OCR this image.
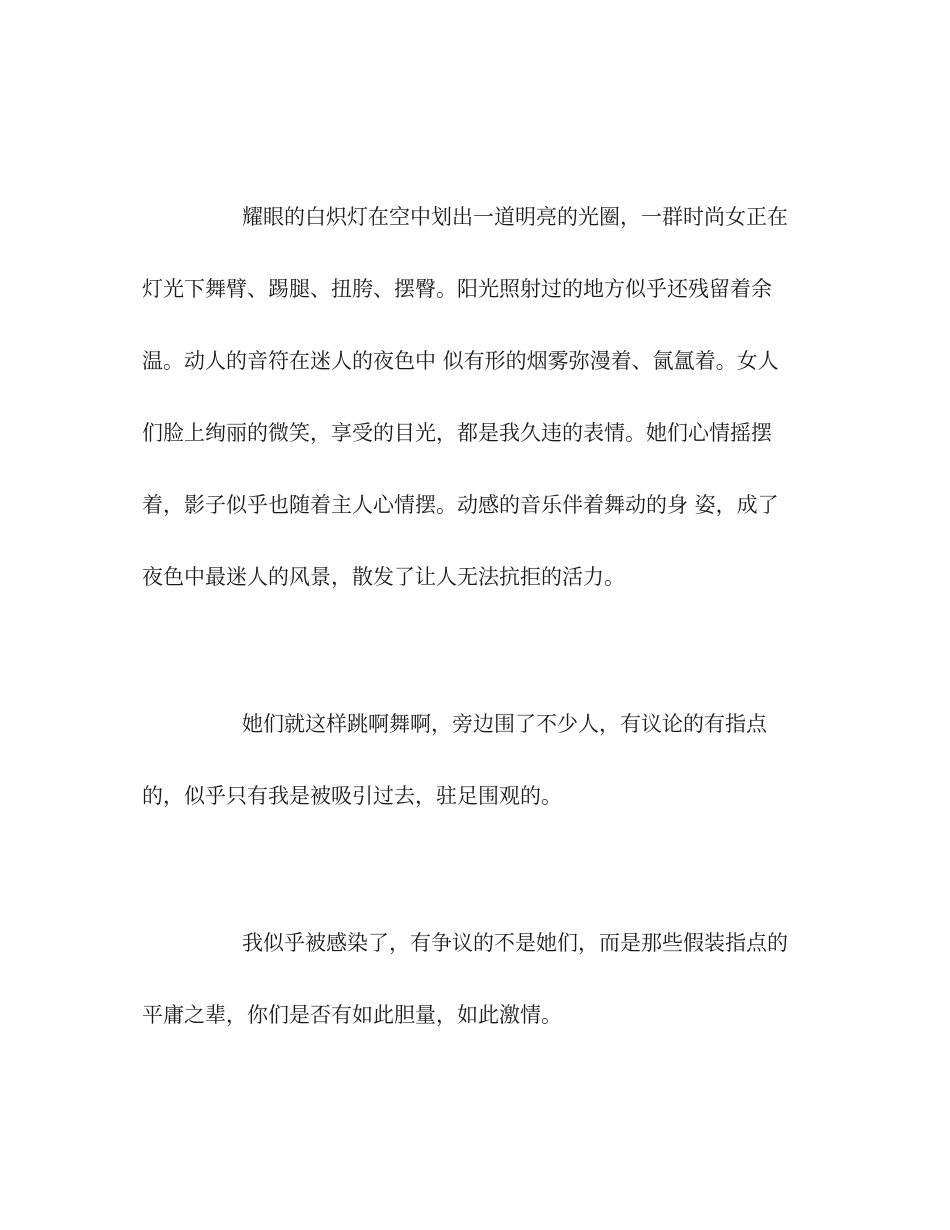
耀眼的白炽灯在空中划出一道明亮的光圈，一群时尚女正在

灯光下舞臂、踢腿、扭胯、摆臀。阳光照射过的地方似乎还残留着余

温。动人的音符在迷人的夜色中 似有形的烟雾弥漫着、氤氲着。女人

们脸上绚丽的微笑，享受的目光，都是我久违的表情。她们心情摇摆

着，影子似乎也随着主人心情摆。动感的音乐伴着舞动的身 姿，成了

夜色中最迷人的风景，散发了让人无法抗拒的活力。

她们就这样跳啊舞啊，旁边围了不少人，有议论的有指点

的，似乎只有我是被吸引过去，驻足围观的。

我似乎被感染了，有争议的不是她们，而是那些假装指点的

平庸之辈，你们是否有如此胆量，如此激情。
